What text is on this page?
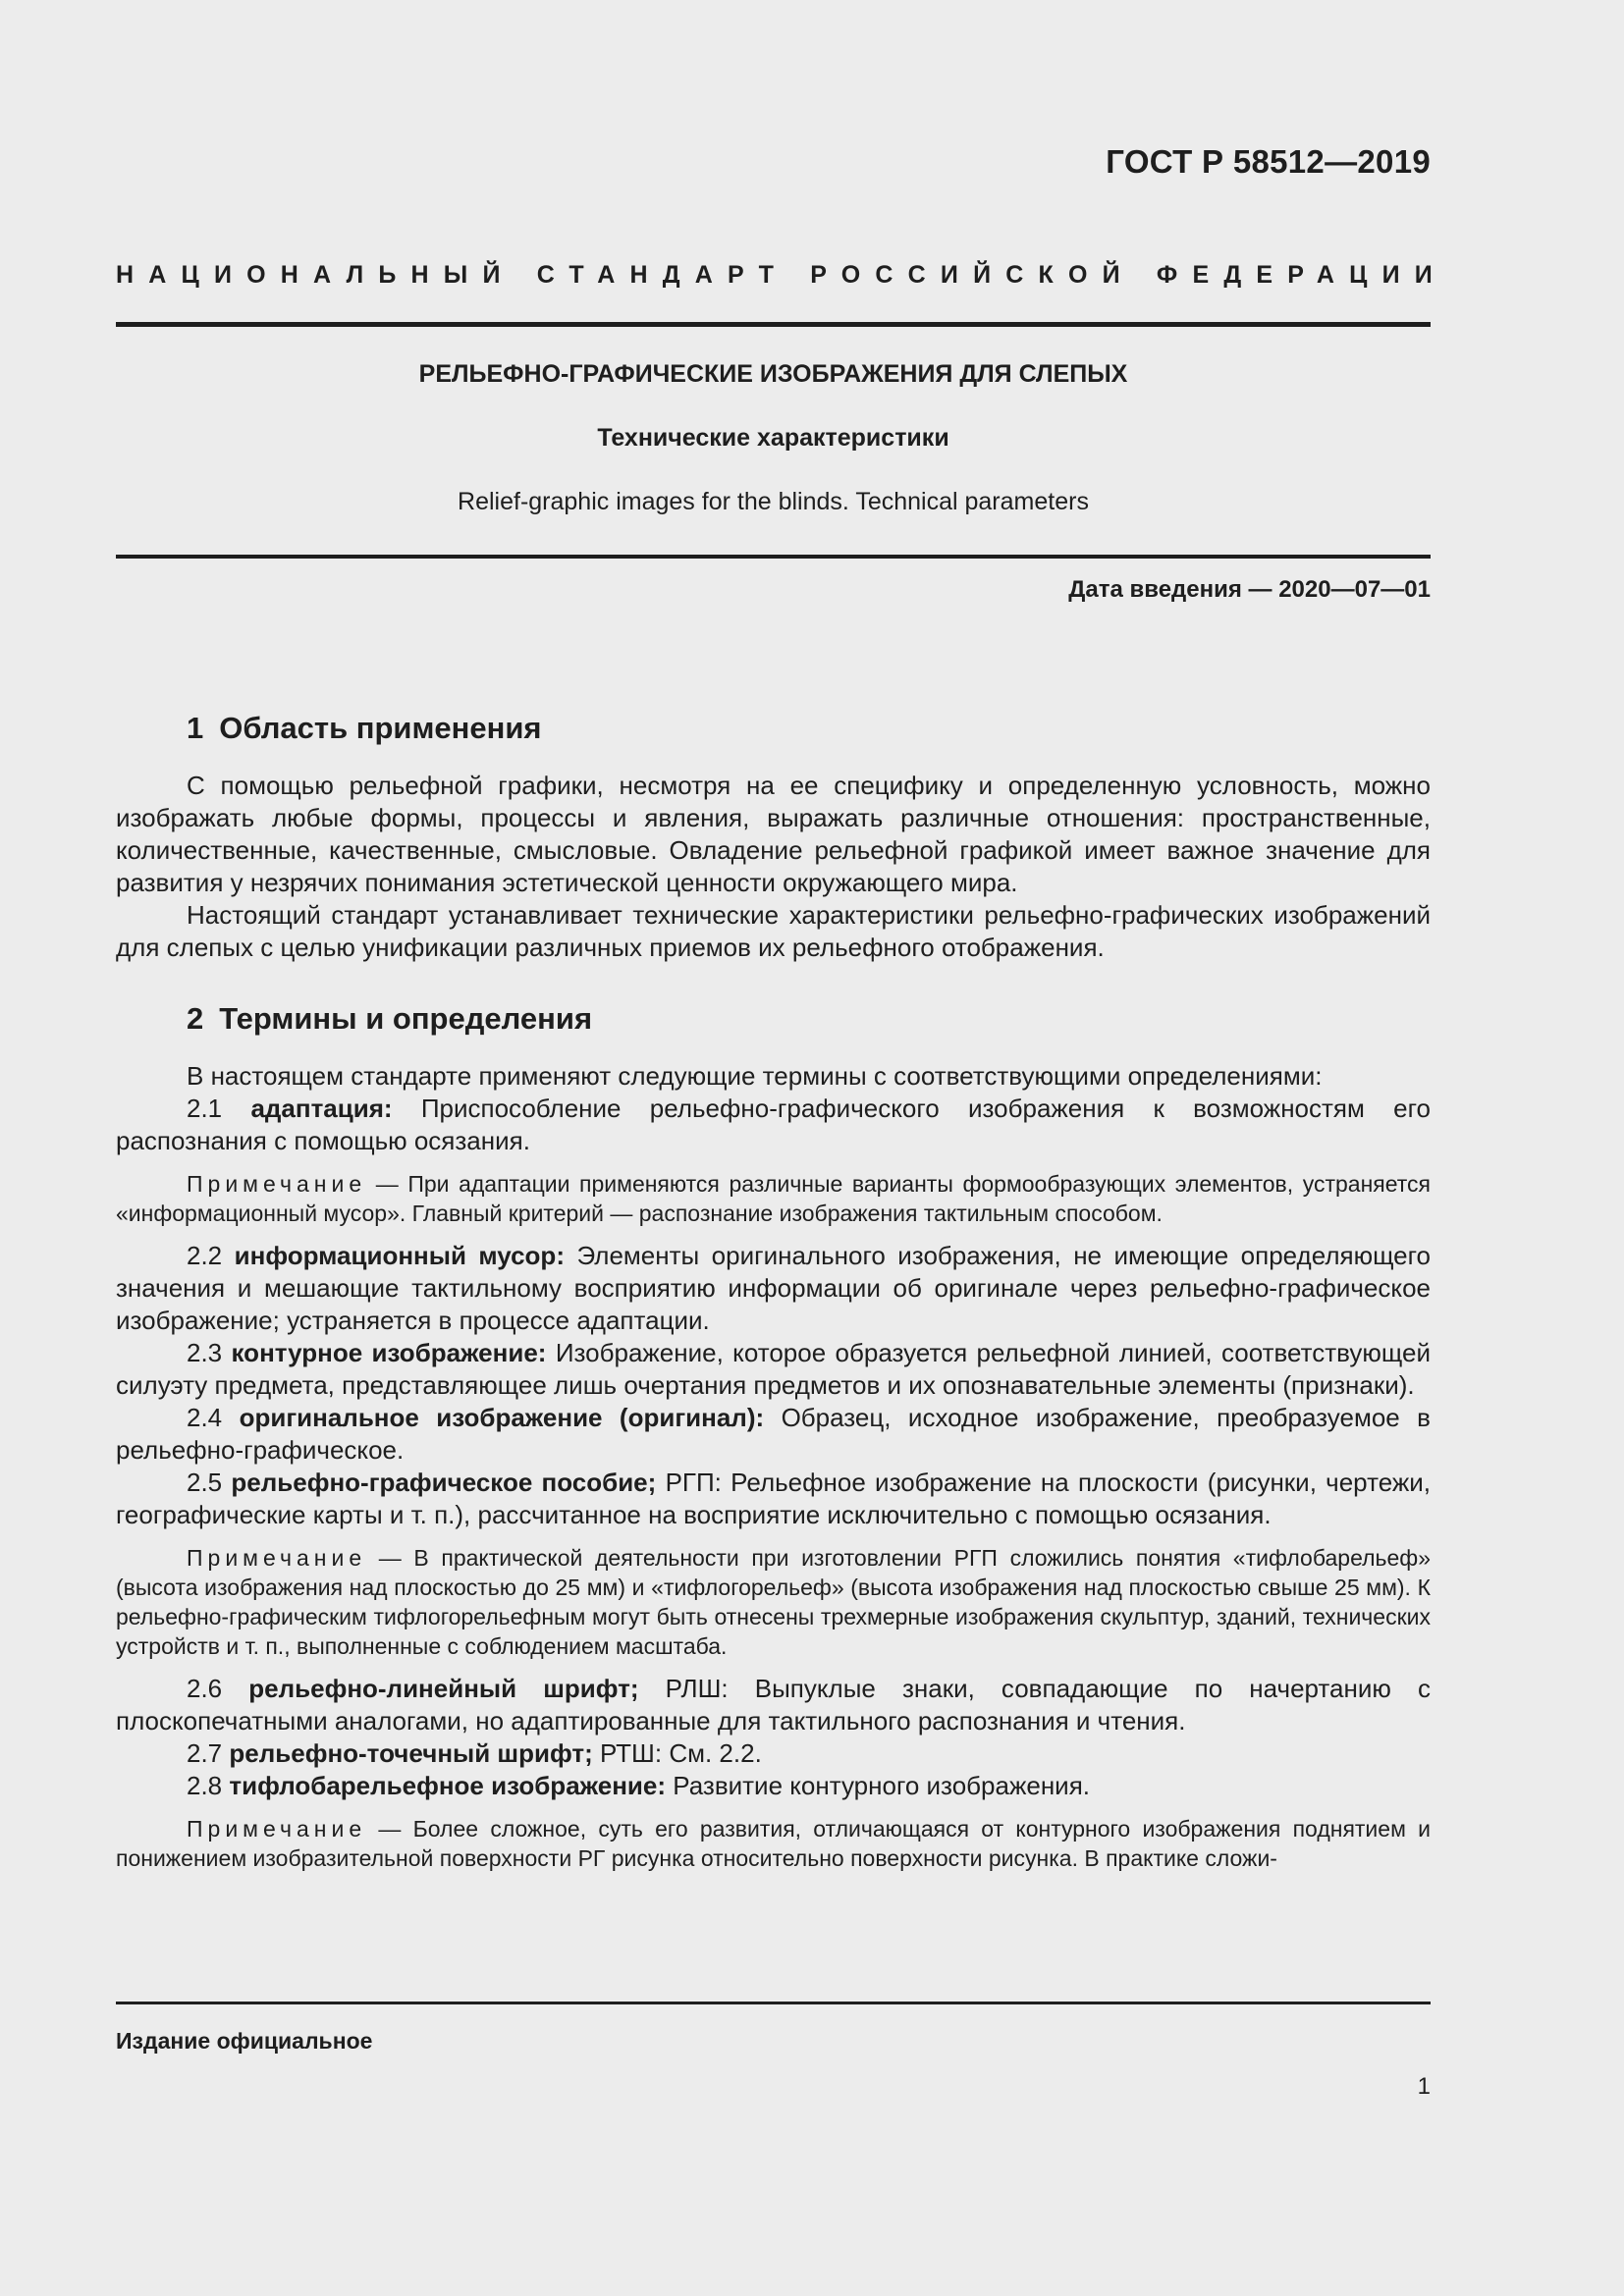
ГОСТ Р 58512—2019
НАЦИОНАЛЬНЫЙ СТАНДАРТ РОССИЙСКОЙ ФЕДЕРАЦИИ
РЕЛЬЕФНО-ГРАФИЧЕСКИЕ ИЗОБРАЖЕНИЯ ДЛЯ СЛЕПЫХ
Технические характеристики
Relief-graphic images for the blinds. Technical parameters
Дата введения — 2020—07—01
1 Область применения

С помощью рельефной графики, несмотря на ее специфику и определенную условность, можно изображать любые формы, процессы и явления, выражать различные отношения: пространственные, количественные, качественные, смысловые. Овладение рельефной графикой имеет важное значение для развития у незрячих понимания эстетической ценности окружающего мира.

Настоящий стандарт устанавливает технические характеристики рельефно-графических изображений для слепых с целью унификации различных приемов их рельефного отображения.

2 Термины и определения

В настоящем стандарте применяют следующие термины с соответствующими определениями:

2.1 адаптация: Приспособление рельефно-графического изображения к возможностям его распознания с помощью осязания.

Примечание — При адаптации применяются различные варианты формообразующих элементов, устраняется «информационный мусор». Главный критерий — распознание изображения тактильным способом.

2.2 информационный мусор: Элементы оригинального изображения, не имеющие определяющего значения и мешающие тактильному восприятию информации об оригинале через рельефно-графическое изображение; устраняется в процессе адаптации.

2.3 контурное изображение: Изображение, которое образуется рельефной линией, соответствующей силуэту предмета, представляющее лишь очертания предметов и их опознавательные элементы (признаки).

2.4 оригинальное изображение (оригинал): Образец, исходное изображение, преобразуемое в рельефно-графическое.

2.5 рельефно-графическое пособие; РГП: Рельефное изображение на плоскости (рисунки, чертежи, географические карты и т. п.), рассчитанное на восприятие исключительно с помощью осязания.

Примечание — В практической деятельности при изготовлении РГП сложились понятия «тифлобарельеф» (высота изображения над плоскостью до 25 мм) и «тифлогорельеф» (высота изображения над плоскостью свыше 25 мм). К рельефно-графическим тифлогорельефным могут быть отнесены трехмерные изображения скульптур, зданий, технических устройств и т. п., выполненные с соблюдением масштаба.

2.6 рельефно-линейный шрифт; РЛШ: Выпуклые знаки, совпадающие по начертанию с плоскопечатными аналогами, но адаптированные для тактильного распознания и чтения.

2.7 рельефно-точечный шрифт; РТШ: См. 2.2.

2.8 тифлобарельефное изображение: Развитие контурного изображения.

Примечание — Более сложное, суть его развития, отличающаяся от контурного изображения поднятием и понижением изобразительной поверхности РГ рисунка относительно поверхности рисунка. В практике сложи-

Издание официальное
1
